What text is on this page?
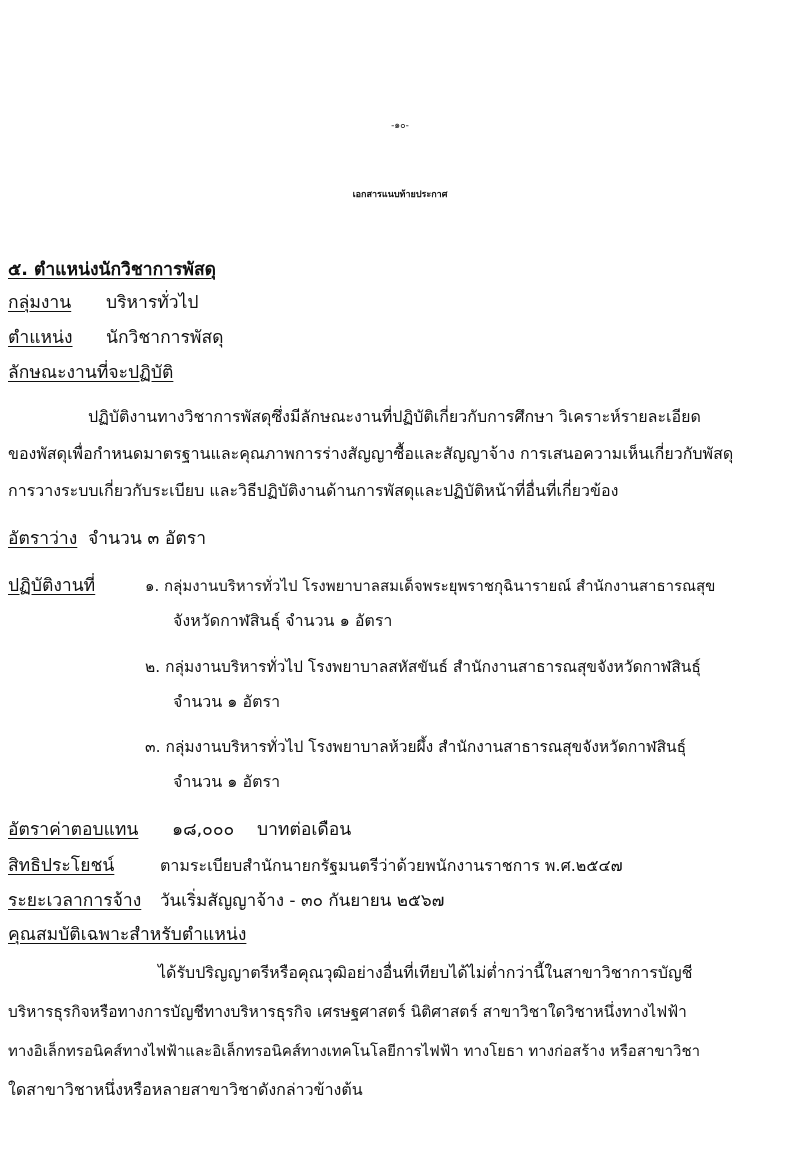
-๑๐-
เอกสารแนบท้ายประกาศ
๕. ตำแหน่งนักวิชาการพัสดุ
กลุ่มงาน บริหารทั่วไป
ตำแหน่ง นักวิชาการพัสดุ
ลักษณะงานที่จะปฏิบัติ
ปฏิบัติงานทางวิชาการพัสดุซึ่งมีลักษณะงานที่ปฏิบัติเกี่ยวกับการศึกษา วิเคราะห์รายละเอียด
ของพัสดุเพื่อกำหนดมาตรฐานและคุณภาพการร่างสัญญาซื้อและสัญญาจ้าง การเสนอความเห็นเกี่ยวกับพัสดุ
การวางระบบเกี่ยวกับระเบียบ และวิธีปฏิบัติงานด้านการพัสดุและปฏิบัติหน้าที่อื่นที่เกี่ยวข้อง
อัตราว่าง จำนวน ๓ อัตรา
ปฏิบัติงานที่	๑. กลุ่มงานบริหารทั่วไป โรงพยาบาลสมเด็จพระยุพราชกุฉินารายณ์ สำนักงานสาธารณสุข
จังหวัดกาฬสินธุ์ จำนวน ๑ อัตรา
๒. กลุ่มงานบริหารทั่วไป โรงพยาบาลสหัสขันธ์ สำนักงานสาธารณสุขจังหวัดกาฬสินธุ์
จำนวน ๑ อัตรา
๓. กลุ่มงานบริหารทั่วไป โรงพยาบาลห้วยผึ้ง สำนักงานสาธารณสุขจังหวัดกาฬสินธุ์
จำนวน ๑ อัตรา
อัตราค่าตอบแทน ๑๘,๐๐๐ บาทต่อเดือน
สิทธิประโยชน์	ตามระเบียบสำนักนายกรัฐมนตรีว่าด้วยพนักงานราชการ พ.ศ.๒๕๔๗
ระยะเวลาการจ้าง วันเริ่มสัญญาจ้าง - ๓๐ กันยายน ๒๕๖๗
คุณสมบัติเฉพาะสำหรับตำแหน่ง
ได้รับปริญญาตรีหรือคุณวุฒิอย่างอื่นที่เทียบได้ไม่ต่ำกว่านี้ในสาขาวิชาการบัญชี
บริหารธุรกิจหรือทางการบัญชีทางบริหารธุรกิจ เศรษฐศาสตร์ นิติศาสตร์ สาขาวิชาใดวิชาหนึ่งทางไฟฟ้า
ทางอิเล็กทรอนิคส์ทางไฟฟ้าและอิเล็กทรอนิคส์ทางเทคโนโลยีการไฟฟ้า ทางโยธา ทางก่อสร้าง หรือสาขาวิชา
ใดสาขาวิชาหนึ่งหรือหลายสาขาวิชาดังกล่าวข้างต้น
